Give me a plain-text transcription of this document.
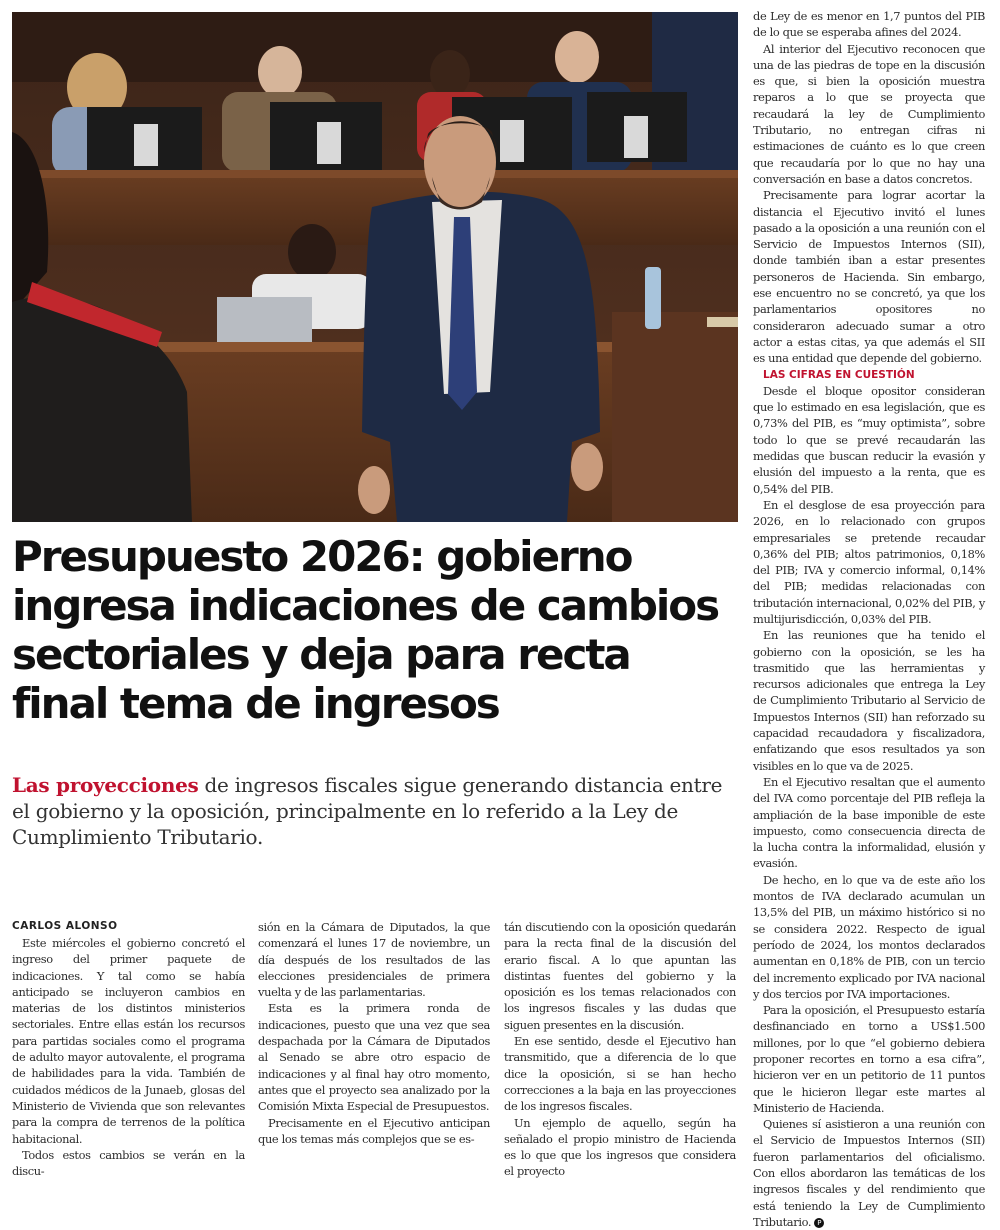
Presupuesto 2026: gobierno ingresa indicaciones de cambios sectoriales y deja para recta final tema de ingresos

Las proyecciones de ingresos fiscales sigue generando distancia entre el gobierno y la oposición, principalmente en lo referido a la Ley de Cumplimiento Tributario.

CARLOS ALONSO

Este miércoles el gobierno concretó el ingreso del primer paquete de indicaciones. Y tal como se había anticipado se incluyeron cambios en materias de los distintos ministerios sectoriales. Entre ellas están los recursos para partidas sociales como el programa de adulto mayor autovalente, el programa de habilidades para la vida. También de cuidados médicos de la Junaeb, glosas del Ministerio de Vivienda que son relevantes para la compra de terrenos de la política habitacional.

Todos estos cambios se verán en la discu-

sión en la Cámara de Diputados, la que comenzará el lunes 17 de noviembre, un día después de los resultados de las elecciones presidenciales de primera vuelta y de las parlamentarias.

Esta es la primera ronda de indicaciones, puesto que una vez que sea despachada por la Cámara de Diputados al Senado se abre otro espacio de indicaciones y al final hay otro momento, antes que el proyecto sea analizado por la Comisión Mixta Especial de Presupuestos.

Precisamente en el Ejecutivo anticipan que los temas más complejos que se es-

tán discutiendo con la oposición quedarán para la recta final de la discusión del erario fiscal. A lo que apuntan las distintas fuentes del gobierno y la oposición es los temas relacionados con los ingresos fiscales y las dudas que siguen presentes en la discusión.

En ese sentido, desde el Ejecutivo han transmitido, que a diferencia de lo que dice la oposición, si se han hecho correcciones a la baja en las proyecciones de los ingresos fiscales.

Un ejemplo de aquello, según ha señalado el propio ministro de Hacienda es lo que que los ingresos que considera el proyecto

de Ley de es menor en 1,7 puntos del PIB de lo que se esperaba afines del 2024.

Al interior del Ejecutivo reconocen que una de las piedras de tope en la discusión es que, si bien la oposición muestra reparos a lo que se proyecta que recaudará la ley de Cumplimiento Tributario, no entregan cifras ni estimaciones de cuánto es lo que creen que recaudaría por lo que no hay una conversación en base a datos concretos.

Precisamente para lograr acortar la distancia el Ejecutivo invitó el lunes pasado a la oposición a una reunión con el Servicio de Impuestos Internos (SII), donde también iban a estar presentes personeros de Hacienda. Sin embargo, ese encuentro no se concretó, ya que los parlamentarios opositores no consideraron adecuado sumar a otro actor a estas citas, ya que además el SII es una entidad que depende del gobierno.

LAS CIFRAS EN CUESTIÓN

Desde el bloque opositor consideran que lo estimado en esa legislación, que es 0,73% del PIB, es “muy optimista”, sobre todo lo que se prevé recaudarán las medidas que buscan reducir la evasión y elusión del impuesto a la renta, que es 0,54% del PIB.

En el desglose de esa proyección para 2026, en lo relacionado con grupos empresariales se pretende recaudar 0,36% del PIB; altos patrimonios, 0,18% del PIB; IVA y comercio informal, 0,14% del PIB; medidas relacionadas con tributación internacional, 0,02% del PIB, y multijurisdicción, 0,03% del PIB.

En las reuniones que ha tenido el gobierno con la oposición, se les ha trasmitido que las herramientas y recursos adicionales que entrega la Ley de Cumplimiento Tributario al Servicio de Impuestos Internos (SII) han reforzado su capacidad recaudadora y fiscalizadora, enfatizando que esos resultados ya son visibles en lo que va de 2025.

En el Ejecutivo resaltan que el aumento del IVA como porcentaje del PIB refleja la ampliación de la base imponible de este impuesto, como consecuencia directa de la lucha contra la informalidad, elusión y evasión.

De hecho, en lo que va de este año los montos de IVA declarado acumulan un 13,5% del PIB, un máximo histórico si no se considera 2022. Respecto de igual período de 2024, los montos declarados aumentan en 0,18% de PIB, con un tercio del incremento explicado por IVA nacional y dos tercios por IVA importaciones.

Para la oposición, el Presupuesto estaría desfinanciado en torno a US$1.500 millones, por lo que “el gobierno debiera proponer recortes en torno a esa cifra”, hicieron ver en un petitorio de 11 puntos que le hicieron llegar este martes al Ministerio de Hacienda.

Quienes sí asistieron a una reunión con el Servicio de Impuestos Internos (SII) fueron parlamentarios del oficialismo. Con ellos abordaron las temáticas de los ingresos fiscales y del rendimiento que está teniendo la Ley de Cumplimiento Tributario. P
